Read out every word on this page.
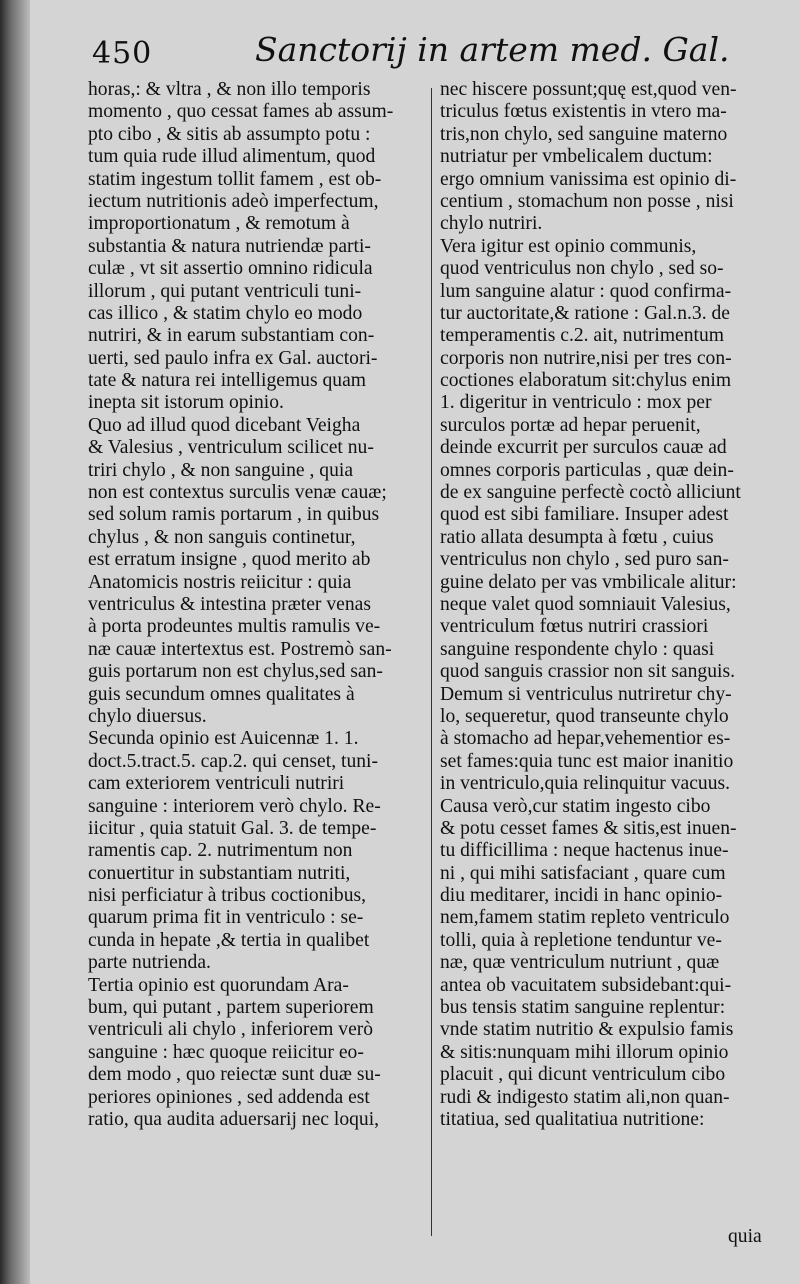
450	Sanctorij in artem med. Gal.
horas,: & vltra , & non illo temporis
momento , quo cessat fames ab assum-
pto cibo , & sitis ab assumpto potu :
tum quia rude illud alimentum, quod
statim ingestum tollit famem , est ob-
iectum nutritionis adeò imperfectum,
improportionatum , & remotum à
substantia & natura nutriendæ parti-
culæ , vt sit assertio omnino ridicula
illorum , qui putant ventriculi tuni-
cas illico , & statim chylo eo modo
nutriri, & in earum substantiam con-
uerti, sed paulo infra ex Gal. auctori-
tate & natura rei intelligemus quam
inepta sit istorum opinio.
Quo ad illud quod dicebant Veigha
& Valesius , ventriculum scilicet nu-
triri chylo , & non sanguine , quia
non est contextus surculis venæ cauæ;
sed solum ramis portarum , in quibus
chylus , & non sanguis continetur,
est erratum insigne , quod merito ab
Anatomicis nostris reiicitur : quia
ventriculus & intestina præter venas
à porta prodeuntes multis ramulis ve-
næ cauæ intertextus est. Postremò san-
guis portarum non est chylus,sed san-
guis secundum omnes qualitates à
chylo diuersus.
Secunda opinio est Auicennæ 1. 1.
doct.5.tract.5. cap.2. qui censet, tuni-
cam exteriorem ventriculi nutriri
sanguine : interiorem verò chylo. Re-
iicitur , quia statuit Gal. 3. de tempe-
ramentis cap. 2. nutrimentum non
conuertitur in substantiam nutriti,
nisi perficiatur à tribus coctionibus,
quarum prima fit in ventriculo : se-
cunda in hepate ,& tertia in qualibet
parte nutrienda.
Tertia opinio est quorundam Ara-
bum, qui putant , partem superiorem
ventriculi ali chylo , inferiorem verò
sanguine : hæc quoque reiicitur eo-
dem modo , quo reiectæ sunt duæ su-
periores opiniones , sed addenda est
ratio, qua audita aduersarij nec loqui,
nec hiscere possunt;quę est,quod ven-
triculus fœtus existentis in vtero ma-
tris,non chylo, sed sanguine materno
nutriatur per vmbelicalem ductum:
ergo omnium vanissima est opinio di-
centium , stomachum non posse , nisi
chylo nutriri.
Vera igitur est opinio communis,
quod ventriculus non chylo , sed so-
lum sanguine alatur : quod confirma-
tur auctoritate,& ratione : Gal.n.3. de
temperamentis c.2. ait, nutrimentum
corporis non nutrire,nisi per tres con-
coctiones elaboratum sit:chylus enim
1. digeritur in ventriculo : mox per
surculos portæ ad hepar peruenit,
deinde excurrit per surculos cauæ ad
omnes corporis particulas , quæ dein-
de ex sanguine perfectè coctò alliciunt
quod est sibi familiare. Insuper adest
ratio allata desumpta à fœtu , cuius
ventriculus non chylo , sed puro san-
guine delato per vas vmbilicale alitur:
neque valet quod somniauit Valesius,
ventriculum fœtus nutriri crassiori
sanguine respondente chylo : quasi
quod sanguis crassior non sit sanguis.
Demum si ventriculus nutriretur chy-
lo, sequeretur, quod transeunte chylo
à stomacho ad hepar,vehementior es-
set fames:quia tunc est maior inanitio
in ventriculo,quia relinquitur vacuus.
Causa verò,cur statim ingesto cibo
& potu cesset fames & sitis,est inuen-
tu difficillima : neque hactenus inue-
ni , qui mihi satisfaciant , quare cum
diu meditarer, incidi in hanc opinio-
nem,famem statim repleto ventriculo
tolli, quia à repletione tenduntur ve-
næ, quæ ventriculum nutriunt , quæ
antea ob vacuitatem subsidebant:qui-
bus tensis statim sanguine replentur:
vnde statim nutritio & expulsio famis
& sitis:nunquam mihi illorum opinio
placuit , qui dicunt ventriculum cibo
rudi & indigesto statim ali,non quan-
titatiua, sed qualitatiua nutritione:
quia
